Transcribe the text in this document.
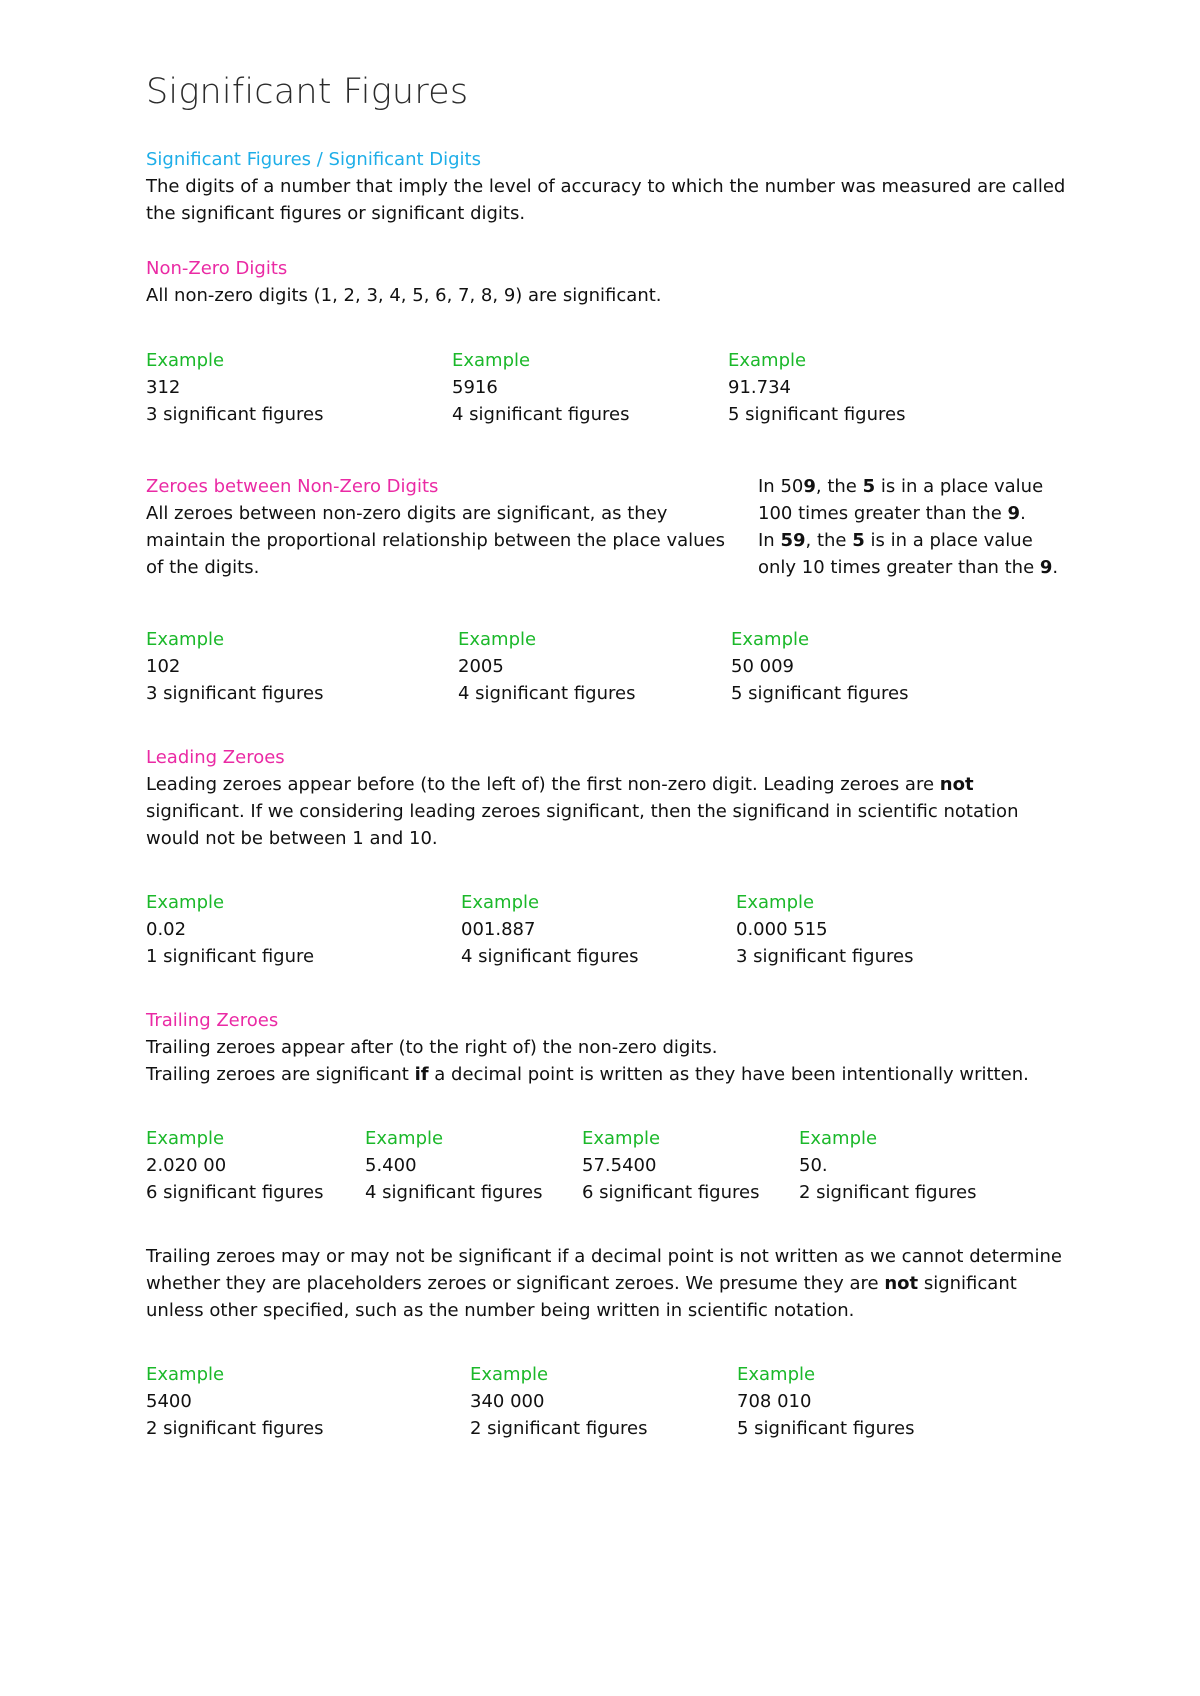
Significant Figures
Significant Figures / Significant Digits
The digits of a number that imply the level of accuracy to which the number was measured are called
the significant figures or significant digits.
Non-Zero Digits
All non-zero digits (1, 2, 3, 4, 5, 6, 7, 8, 9) are significant.
Example
312
3 significant figures
Example
5916
4 significant figures
Example
91.734
5 significant figures
Zeroes between Non-Zero Digits
All zeroes between non-zero digits are significant, as they
maintain the proportional relationship between the place values
of the digits.
In 509, the 5 is in a place value
100 times greater than the 9.
In 59, the 5 is in a place value
only 10 times greater than the 9.
Example
102
3 significant figures
Example
2005
4 significant figures
Example
50 009
5 significant figures
Leading Zeroes
Leading zeroes appear before (to the left of) the first non-zero digit. Leading zeroes are not
significant. If we considering leading zeroes significant, then the significand in scientific notation
would not be between 1 and 10.
Example
0.02
1 significant figure
Example
001.887
4 significant figures
Example
0.000 515
3 significant figures
Trailing Zeroes
Trailing zeroes appear after (to the right of) the non-zero digits.
Trailing zeroes are significant if a decimal point is written as they have been intentionally written.
Example
2.020 00
6 significant figures
Example
5.400
4 significant figures
Example
57.5400
6 significant figures
Example
50.
2 significant figures
Trailing zeroes may or may not be significant if a decimal point is not written as we cannot determine
whether they are placeholders zeroes or significant zeroes. We presume they are not significant
unless other specified, such as the number being written in scientific notation.
Example
5400
2 significant figures
Example
340 000
2 significant figures
Example
708 010
5 significant figures
